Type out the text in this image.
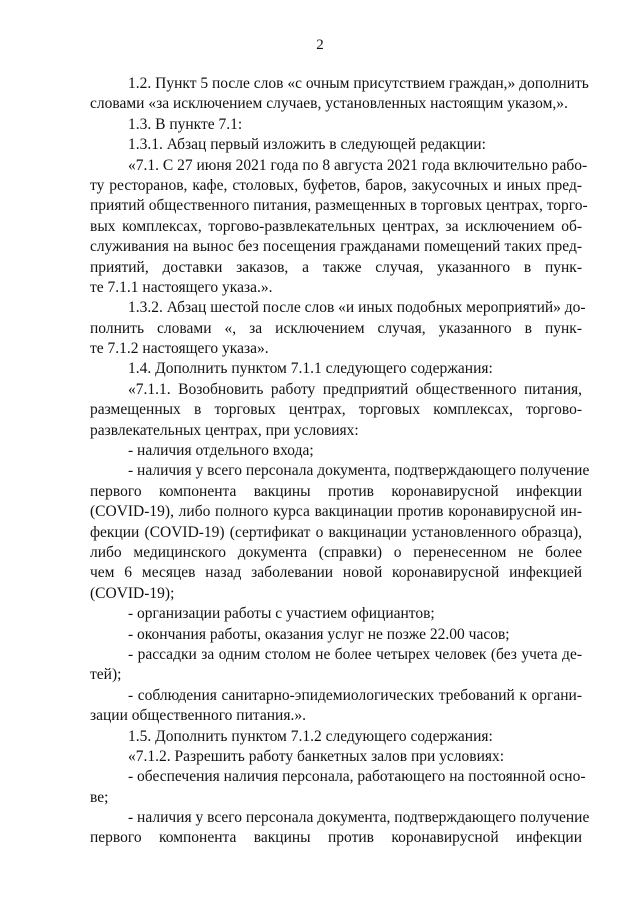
2
1.2. Пункт 5 после слов «с очным присутствием граждан,» дополнить
словами «за исключением случаев, установленных настоящим указом,».
1.3. В пункте 7.1:
1.3.1. Абзац первый изложить в следующей редакции:
«7.1. С 27 июня 2021 года по 8 августа 2021 года включительно рабо-
ту ресторанов, кафе, столовых, буфетов, баров, закусочных и иных пред-
приятий общественного питания, размещенных в торговых центрах, торго-
вых комплексах, торгово-развлекательных центрах, за исключением об-
служивания на вынос без посещения гражданами помещений таких пред-
приятий, доставки заказов, а также случая, указанного в пунк-
те 7.1.1 настоящего указа.».
1.3.2. Абзац шестой после слов «и иных подобных мероприятий» до-
полнить словами «, за исключением случая, указанного в пунк-
те 7.1.2 настоящего указа».
1.4. Дополнить пунктом 7.1.1 следующего содержания:
«7.1.1. Возобновить работу предприятий общественного питания,
размещенных в торговых центрах, торговых комплексах, торгово-
развлекательных центрах, при условиях:
- наличия отдельного входа;
- наличия у всего персонала документа, подтверждающего получение
первого компонента вакцины против коронавирусной инфекции
(COVID-19), либо полного курса вакцинации против коронавирусной ин-
фекции (COVID-19) (сертификат о вакцинации установленного образца),
либо медицинского документа (справки) о перенесенном не более
чем 6 месяцев назад заболевании новой коронавирусной инфекцией
(COVID-19);
- организации работы с участием официантов;
- окончания работы, оказания услуг не позже 22.00 часов;
- рассадки за одним столом не более четырех человек (без учета де-
тей);
- соблюдения санитарно-эпидемиологических требований к органи-
зации общественного питания.».
1.5. Дополнить пунктом 7.1.2 следующего содержания:
«7.1.2. Разрешить работу банкетных залов при условиях:
- обеспечения наличия персонала, работающего на постоянной осно-
ве;
- наличия у всего персонала документа, подтверждающего получение
первого компонента вакцины против коронавирусной инфекции
